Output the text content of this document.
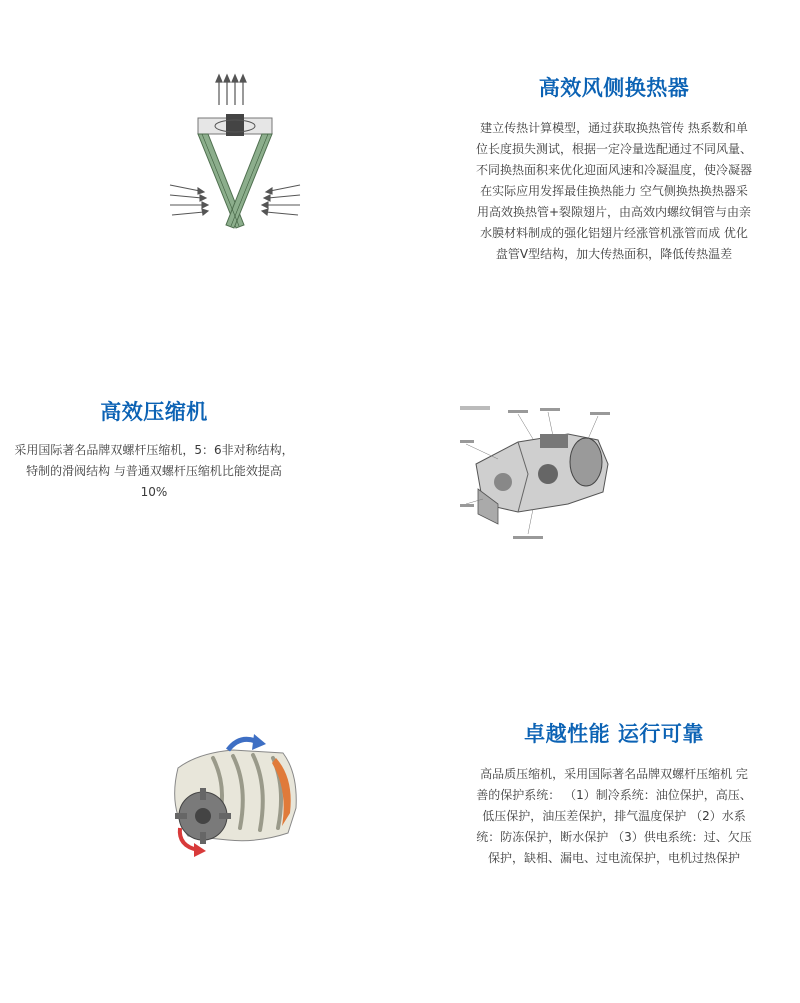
高效风侧换热器
建立传热计算模型，通过获取换热管传 热系数和单位长度损失测试，根据一定冷量选配通过不同风量、不同换热面积来优化迎面风速和冷凝温度，使冷凝器在实际应用发挥最佳换热能力 空气侧换热换热器采用高效换热管+裂隙翅片，由高效内螺纹铜管与由亲水膜材料制成的强化铝翅片经涨管机涨管而成 优化盘管V型结构，加大传热面积，降低传热温差
高效压缩机
采用国际著名品牌双螺杆压缩机，5：6非对称结构，特制的滑阀结构 与普通双螺杆压缩机比能效提高10%
卓越性能 运行可靠
高品质压缩机，采用国际著名品牌双螺杆压缩机 完善的保护系统： （1）制冷系统：油位保护，高压、低压保护，油压差保护，排气温度保护 （2）水系统：防冻保护，断水保护 （3）供电系统：过、欠压保护，缺相、漏电、过电流保护，电机过热保护
